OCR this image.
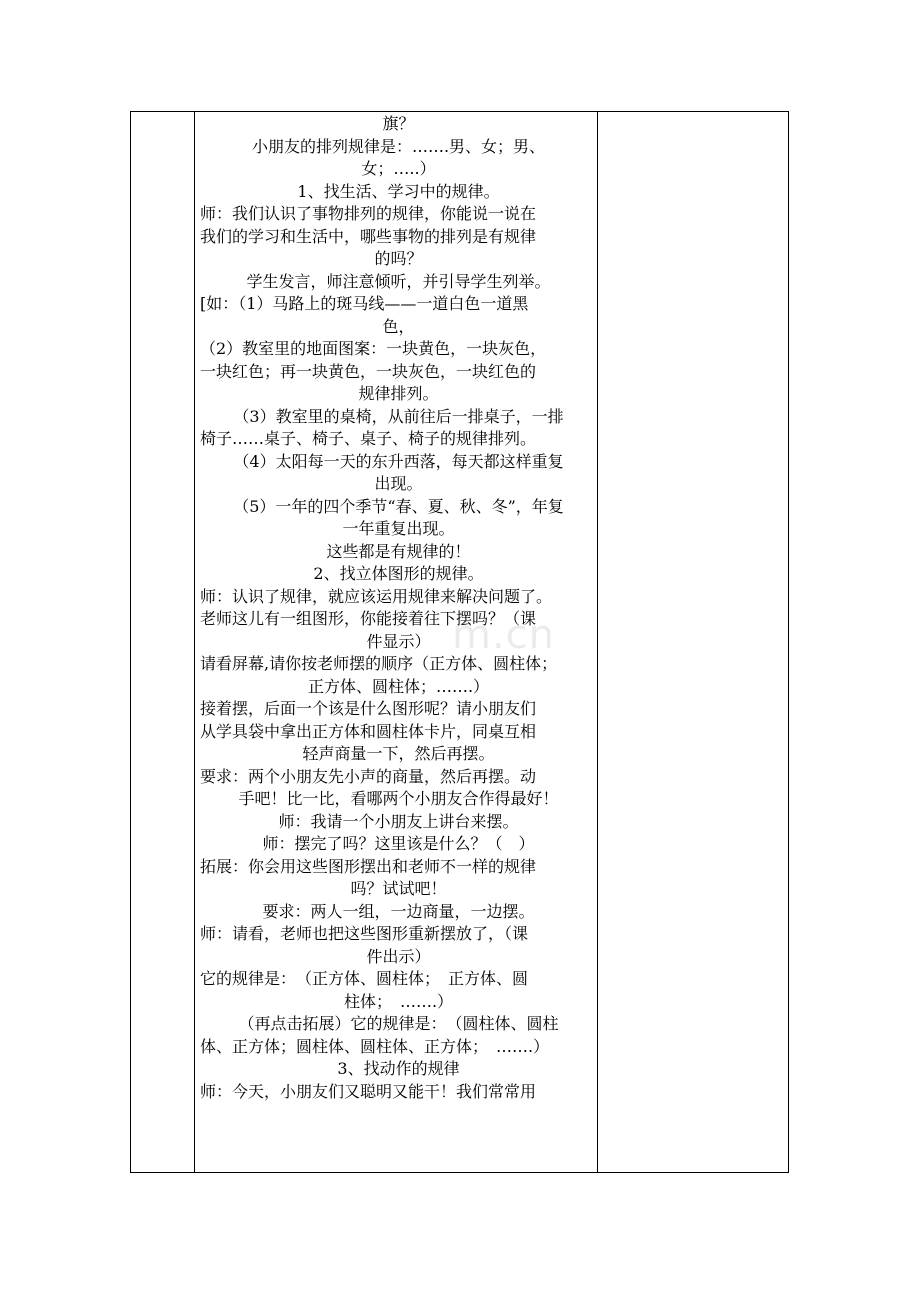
m.cn

旗？

小朋友的排列规律是：…….男、女；男、

女；…..）

1、找生活、学习中的规律。

师：我们认识了事物排列的规律，你能说一说在

我们的学习和生活中，哪些事物的排列是有规律

的吗？

学生发言，师注意倾听，并引导学生列举。

[如：（1）马路上的斑马线——一道白色一道黑

色，

（2）教室里的地面图案：一块黄色，一块灰色，

一块红色；再一块黄色，一块灰色，一块红色的

规律排列。

（3）教室里的桌椅，从前往后一排桌子，一排

椅子……桌子、椅子、桌子、椅子的规律排列。

（4）太阳每一天的东升西落，每天都这样重复

出现。

（5）一年的四个季节“春、夏、秋、冬”，年复

一年重复出现。

这些都是有规律的！

2、找立体图形的规律。

师：认识了规律，就应该运用规律来解决问题了。

老师这儿有一组图形，你能接着往下摆吗？（课

件显示）

请看屏幕,请你按老师摆的顺序（正方体、圆柱体；

正方体、圆柱体；…….）

接着摆，后面一个该是什么图形呢？请小朋友们

从学具袋中拿出正方体和圆柱体卡片，同桌互相

轻声商量一下，然后再摆。

要求：两个小朋友先小声的商量，然后再摆。动

手吧！比一比，看哪两个小朋友合作得最好！

师：我请一个小朋友上讲台来摆。

师：摆完了吗？这里该是什么？（　）

拓展：你会用这些图形摆出和老师不一样的规律

吗？试试吧！

要求：两人一组，一边商量，一边摆。

师：请看，老师也把这些图形重新摆放了，（课

件出示）

它的规律是：　（正方体、圆柱体；　正方体、圆

柱体；　…….）

（再点击拓展）它的规律是：　（圆柱体、圆柱

体、正方体；圆柱体、圆柱体、正方体；　…….）

3、找动作的规律

师：今天，小朋友们又聪明又能干！我们常常用
